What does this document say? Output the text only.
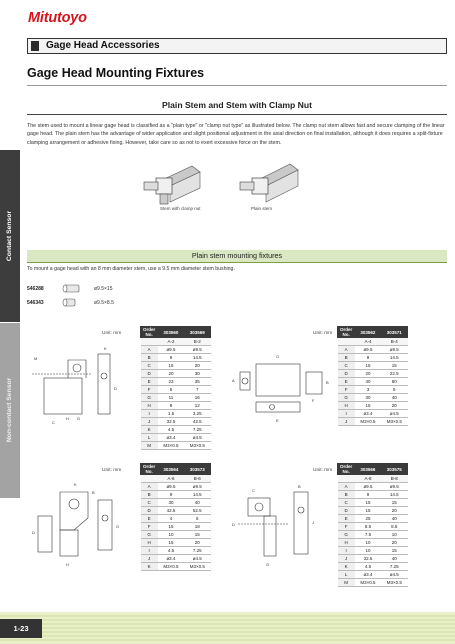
Mitutoyo
Gage Head Accessories
Gage Head Mounting Fixtures
Plain Stem and Stem with Clamp Nut
The stem used to mount a linear gage head is classified as a "plain type" or "clamp nut type" as illustrated below. The clamp nut stem allows fast and secure clamping of the linear gage head. The plain stem has the advantage of wider application and slight positional adjustment in the axial direction on final installation, although it does requires a split-fixture clamping arrangement or adhesive fixing. However, take care so as not to exert excessive force on the stem.
Stem with clamp nut	Plain stem
Plain stem mounting fixtures
Contact Sensor
Non-contact Sensor
To mount a gage head with an 8 mm diameter stem, use a 9.5 mm diameter stem bushing.
546288	ø9.5×15
546343	ø9.5×8.5
Unit: mm
M
C
H G
D
K
Order No.	303560	303569
	A-2	B-2
A	ø9.5	ø9.5
B	9	14.5
C	15	20
D	20	30
E	23	35
F	5	7
G	11	16
H	8	12
I	1.5	3.25
J	32.5	42.5
K	4.5	7.25
L	ø3.4	ø4.5
M	M3×0.5	M3×0.5
Unit: mm
G
A
E
F
B
Order No.	303562	303571
	A-4	B-4
A	ø9.5	ø9.5
B	9	14.5
C	15	15
D	20	22.5
E	40	60
F	3	5
G	30	40
H	15	20
I	ø3.4	ø4.5
J	M3×0.5	M3×0.5
Unit: mm
K
D
H
G
B
Order No.	303564	303573
	A-6	B-6
A	ø9.5	ø9.5
B	9	14.5
C	30	40
D	42.5	52.5
E	4	6
F	15	18
G	10	15
H	15	20
I	4.5	7.25
J	ø3.4	ø4.5
K	M3×0.5	M3×0.5
Unit: mm
C
D
G
J
B
Order No.	303566	303575
	A-8	B-8
A	ø9.5	ø9.5
B	9	14.5
C	15	15
D	15	20
E	25	40
F	8.5	8.5
G	7.5	10
H	10	20
I	10	15
J	32.5	40
K	4.5	7.25
L	ø3.4	ø4.5
M	M3×0.5	M3×0.5
1-23
